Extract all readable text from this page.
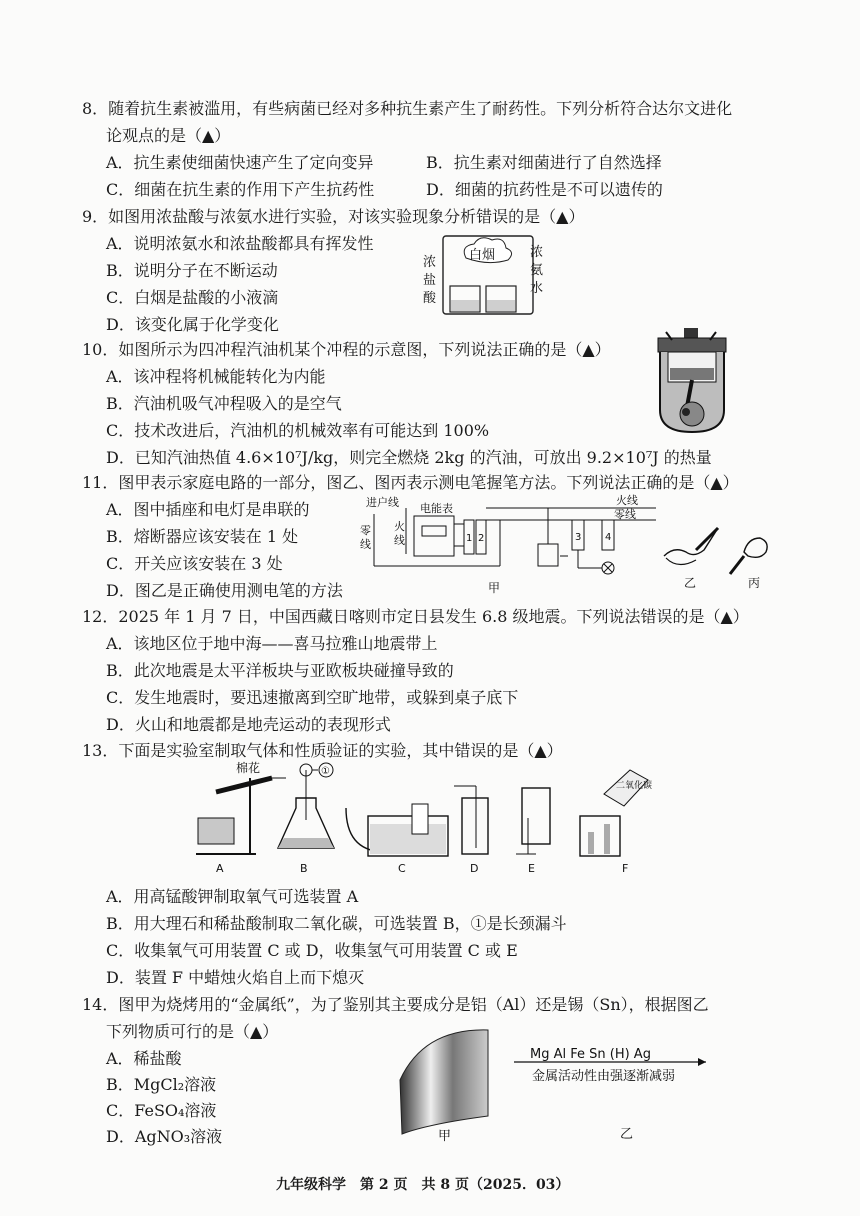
8．随着抗生素被滥用，有些病菌已经对多种抗生素产生了耐药性。下列分析符合达尔文进化
论观点的是（▲）
A．抗生素使细菌快速产生了定向变异	B．抗生素对细菌进行了自然选择
C．细菌在抗生素的作用下产生抗药性	D．细菌的抗药性是不可以遗传的
9．如图用浓盐酸与浓氨水进行实验，对该实验现象分析错误的是（▲）
A．说明浓氨水和浓盐酸都具有挥发性
B．说明分子在不断运动
C．白烟是盐酸的小液滴
D．该变化属于化学变化
白烟
浓
盐
酸
浓
氨
水
10．如图所示为四冲程汽油机某个冲程的示意图，下列说法正确的是（▲）
A．该冲程将机械能转化为内能
B．汽油机吸气冲程吸入的是空气
C．技术改进后，汽油机的机械效率有可能达到 100%
D．已知汽油热值 4.6×10⁷J/kg，则完全燃烧 2kg 的汽油，可放出 9.2×10⁷J 的热量
11．图甲表示家庭电路的一部分，图乙、图丙表示测电笔握笔方法。下列说法正确的是（▲）
A．图中插座和电灯是串联的
B．熔断器应该安装在 1 处
C．开关应该安装在 3 处
D．图乙是正确使用测电笔的方法
进户线 电能表
火线
零线
零
线
火
线	1 2	3 4
甲	乙	丙
12．2025 年 1 月 7 日，中国西藏日喀则市定日县发生 6.8 级地震。下列说法错误的是（▲）
A．该地区位于地中海——喜马拉雅山地震带上
B．此次地震是太平洋板块与亚欧板块碰撞导致的
C．发生地震时，要迅速撤离到空旷地带，或躲到桌子底下
D．火山和地震都是地壳运动的表现形式
13．下面是实验室制取气体和性质验证的实验，其中错误的是（▲）
棉花	①
二氧化碳
A	B	C	D	E	F
A．用高锰酸钾制取氧气可选装置 A
B．用大理石和稀盐酸制取二氧化碳，可选装置 B，①是长颈漏斗
C．收集氧气可用装置 C 或 D，收集氢气可用装置 C 或 E
D．装置 F 中蜡烛火焰自上而下熄灭
14．图甲为烧烤用的“金属纸”，为了鉴别其主要成分是铝（Al）还是锡（Sn），根据图乙
下列物质可行的是（▲）
A．稀盐酸
B．MgCl₂溶液
C．FeSO₄溶液
D．AgNO₃溶液	甲
Mg Al Fe Sn (H) Ag
金属活动性由强逐渐减弱
乙
九年级科学　第 2 页　共 8 页（2025．03）
